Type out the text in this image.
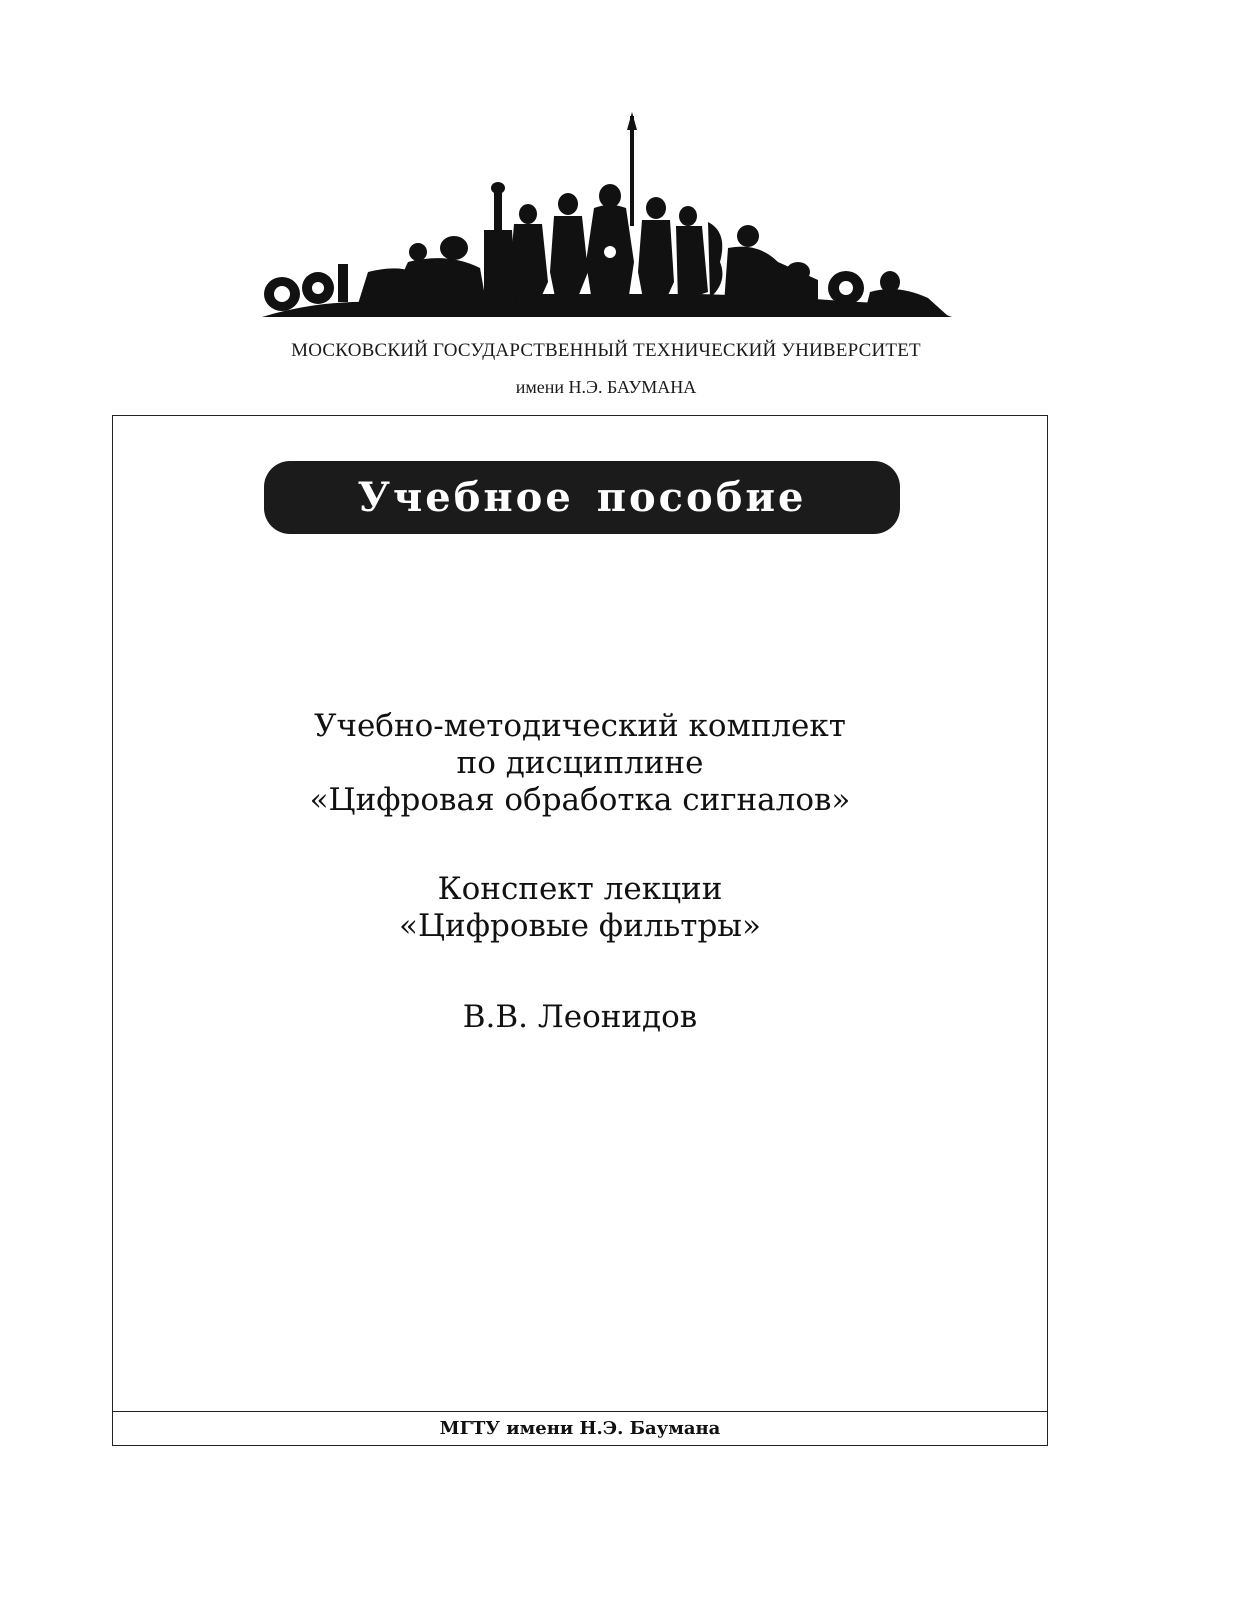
МОСКОВСКИЙ ГОСУДАРСТВЕННЫЙ ТЕХНИЧЕСКИЙ УНИВЕРСИТЕТ
имени Н.Э. БАУМАНА
Учебное пособие
Учебно-методический комплект
по дисциплине
«Цифровая обработка сигналов»
Конспект лекции
«Цифровые фильтры»
В.В. Леонидов
МГТУ имени Н.Э. Баумана
